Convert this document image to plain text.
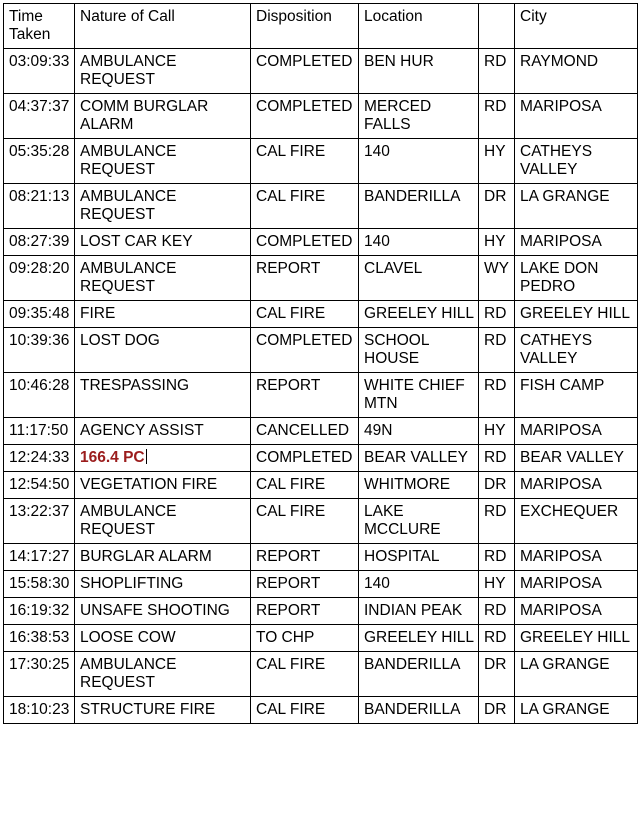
Time Taken	Nature of Call	Disposition	Location		City
03:09:33	AMBULANCE REQUEST	COMPLETED	BEN HUR	RD	RAYMOND
04:37:37	COMM BURGLAR ALARM	COMPLETED	MERCED FALLS	RD	MARIPOSA
05:35:28	AMBULANCE REQUEST	CAL FIRE	140	HY	CATHEYS VALLEY
08:21:13	AMBULANCE REQUEST	CAL FIRE	BANDERILLA	DR	LA GRANGE
08:27:39	LOST CAR KEY	COMPLETED	140	HY	MARIPOSA
09:28:20	AMBULANCE REQUEST	REPORT	CLAVEL	WY	LAKE DON PEDRO
09:35:48	FIRE	CAL FIRE	GREELEY HILL	RD	GREELEY HILL
10:39:36	LOST DOG	COMPLETED	SCHOOL HOUSE	RD	CATHEYS VALLEY
10:46:28	TRESPASSING	REPORT	WHITE CHIEF MTN	RD	FISH CAMP
11:17:50	AGENCY ASSIST	CANCELLED	49N	HY	MARIPOSA
12:24:33	166.4 PC	COMPLETED	BEAR VALLEY	RD	BEAR VALLEY
12:54:50	VEGETATION FIRE	CAL FIRE	WHITMORE	DR	MARIPOSA
13:22:37	AMBULANCE REQUEST	CAL FIRE	LAKE MCCLURE	RD	EXCHEQUER
14:17:27	BURGLAR ALARM	REPORT	HOSPITAL	RD	MARIPOSA
15:58:30	SHOPLIFTING	REPORT	140	HY	MARIPOSA
16:19:32	UNSAFE SHOOTING	REPORT	INDIAN PEAK	RD	MARIPOSA
16:38:53	LOOSE COW	TO CHP	GREELEY HILL	RD	GREELEY HILL
17:30:25	AMBULANCE REQUEST	CAL FIRE	BANDERILLA	DR	LA GRANGE
18:10:23	STRUCTURE FIRE	CAL FIRE	BANDERILLA	DR	LA GRANGE
